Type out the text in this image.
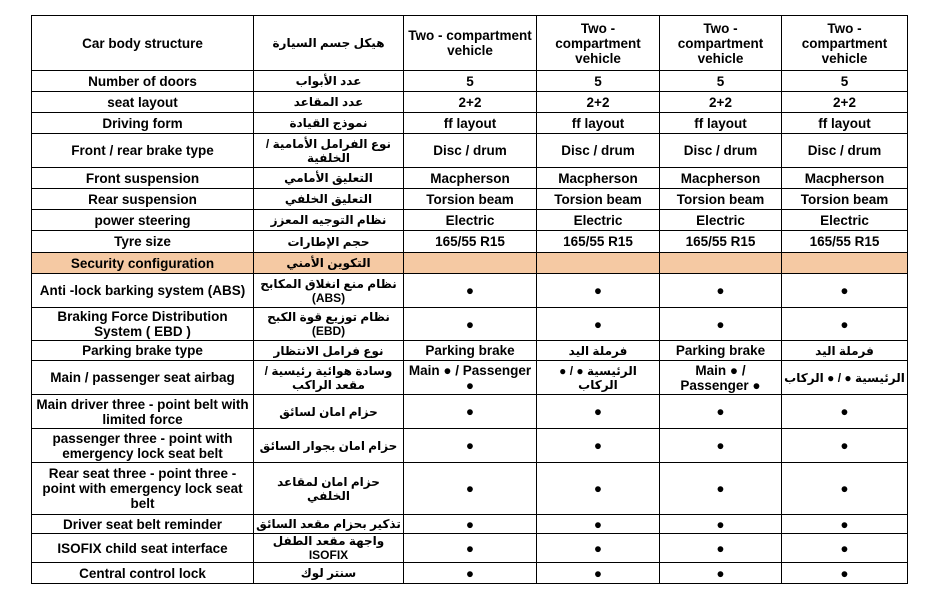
Car body structure	هيكل جسم السيارة	Two - compartment vehicle	Two - compartment vehicle	Two - compartment vehicle	Two - compartment vehicle
Number of doors	عدد الأبواب	5	5	5	5
seat layout	عدد المقاعد	2+2	2+2	2+2	2+2
Driving form	نموذج القيادة	ff layout	ff layout	ff layout	ff layout
Front / rear brake type	نوع الفرامل الأمامية / الخلفية	Disc / drum	Disc / drum	Disc / drum	Disc / drum
Front suspension	التعليق الأمامي	Macpherson	Macpherson	Macpherson	Macpherson
Rear suspension	التعليق الخلفي	Torsion beam	Torsion beam	Torsion beam	Torsion beam
power steering	نظام التوجيه المعزز	Electric	Electric	Electric	Electric
Tyre size	حجم الإطارات	165/55 R15	165/55 R15	165/55 R15	165/55 R15
Security configuration	التكوين الأمني				
Anti -lock barking system (ABS)	نظام منع انغلاق المكابح (ABS)	●	●	●	●
Braking Force Distribution System ( EBD )	نظام توزيع قوة الكبح (EBD)	●	●	●	●
Parking brake type	نوع فرامل الانتظار	Parking brake	فرملة اليد	Parking brake	فرملة اليد
Main / passenger seat airbag	وسادة هوائية رئيسية / مقعد الراكب	Main ● / Passenger ●	الرئيسية ● / ● الركاب	Main ● / Passenger ●	الرئيسية ● / ● الركاب
Main driver three - point belt with limited force	حزام امان لسائق	●	●	●	●
passenger three - point with emergency lock seat belt	حزام امان بجوار السائق	●	●	●	●
Rear seat three - point three - point with emergency lock seat belt	حزام امان لمقاعد الخلفي	●	●	●	●
Driver seat belt reminder	تذكير بحزام مقعد السائق	●	●	●	●
ISOFIX child seat interface	واجهة مقعد الطفل ISOFIX	●	●	●	●
Central control lock	سنتر لوك	●	●	●	●
